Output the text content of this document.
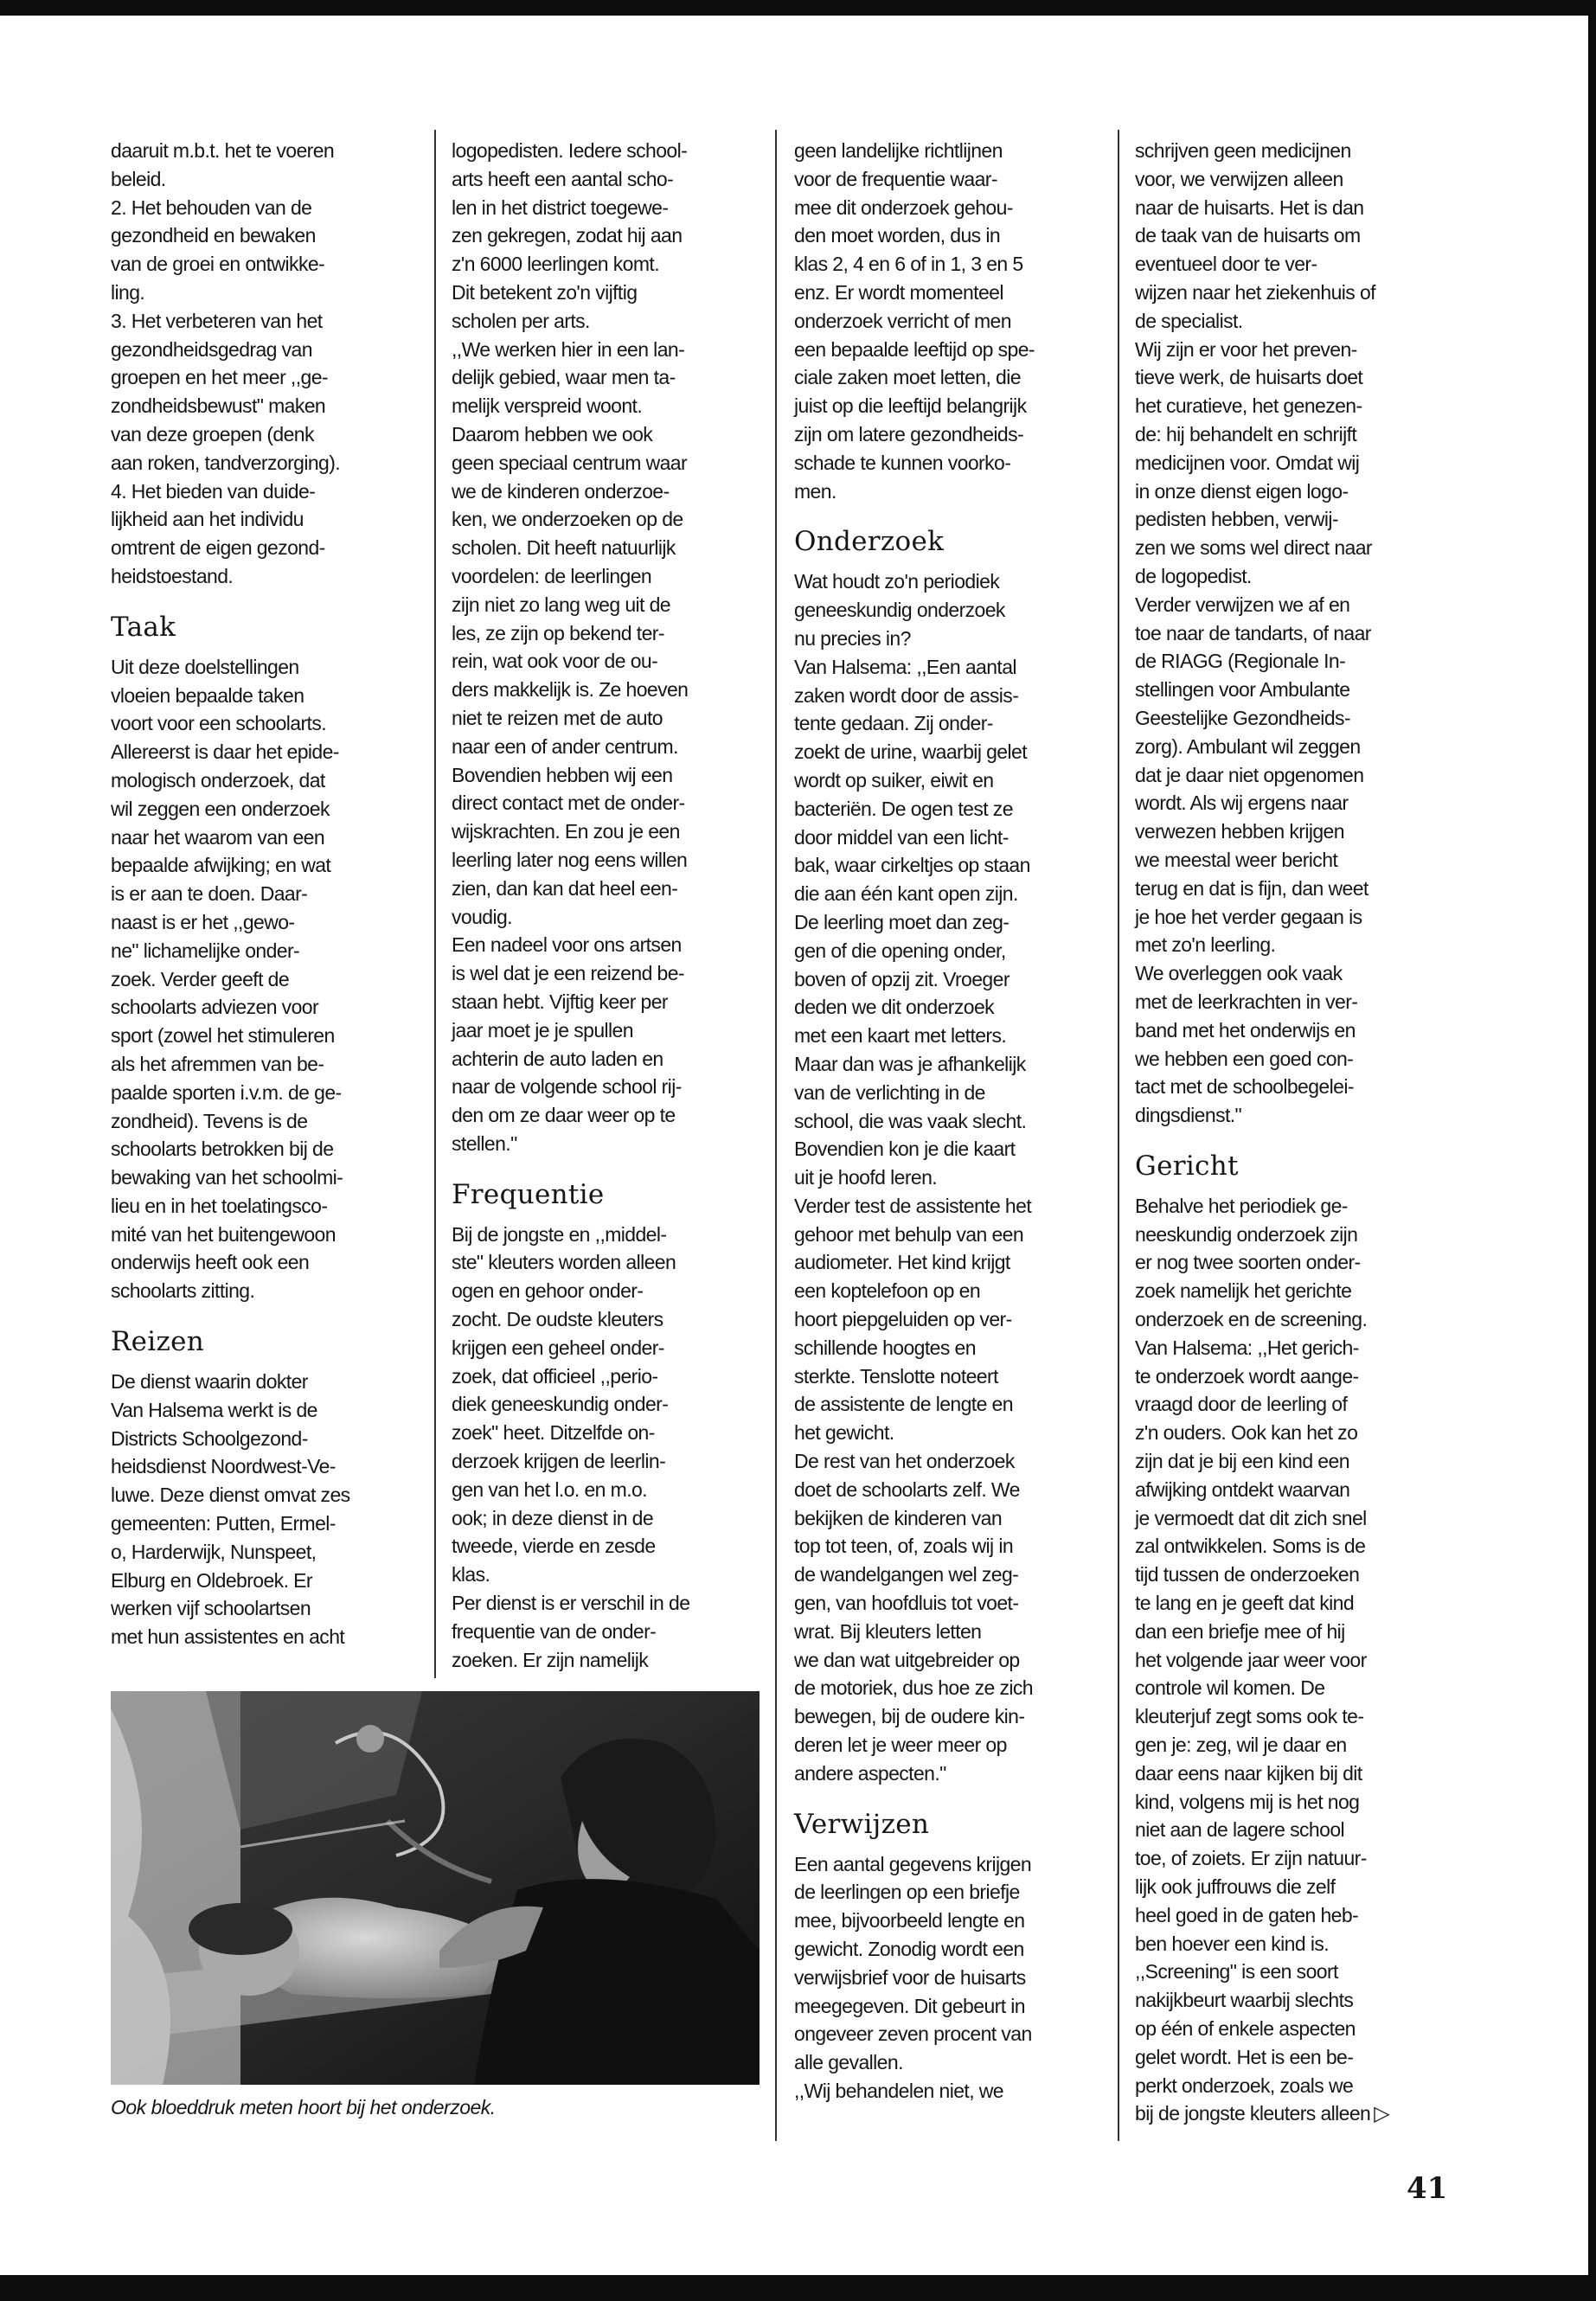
daaruit m.b.t. het te voeren
beleid.
2. Het behouden van de
gezondheid en bewaken
van de groei en ontwikke-
ling.
3. Het verbeteren van het
gezondheidsgedrag van
groepen en het meer ,,ge-
zondheidsbewust" maken
van deze groepen (denk
aan roken, tandverzorging).
4. Het bieden van duide-
lijkheid aan het individu
omtrent de eigen gezond-
heidstoestand.

Taak

Uit deze doelstellingen
vloeien bepaalde taken
voort voor een schoolarts.
Allereerst is daar het epide-
mologisch onderzoek, dat
wil zeggen een onderzoek
naar het waarom van een
bepaalde afwijking; en wat
is er aan te doen. Daar-
naast is er het ,,gewo-
ne" lichamelijke onder-
zoek. Verder geeft de
schoolarts adviezen voor
sport (zowel het stimuleren
als het afremmen van be-
paalde sporten i.v.m. de ge-
zondheid). Tevens is de
schoolarts betrokken bij de
bewaking van het schoolmi-
lieu en in het toelatingsco-
mité van het buitengewoon
onderwijs heeft ook een
schoolarts zitting.

Reizen

De dienst waarin dokter
Van Halsema werkt is de
Districts Schoolgezond-
heidsdienst Noordwest-Ve-
luwe. Deze dienst omvat zes
gemeenten: Putten, Ermel-
o, Harderwijk, Nunspeet,
Elburg en Oldebroek. Er
werken vijf schoolartsen
met hun assistentes en acht

logopedisten. Iedere school-
arts heeft een aantal scho-
len in het district toegewe-
zen gekregen, zodat hij aan
z'n 6000 leerlingen komt.
Dit betekent zo'n vijftig
scholen per arts.
,,We werken hier in een lan-
delijk gebied, waar men ta-
melijk verspreid woont.
Daarom hebben we ook
geen speciaal centrum waar
we de kinderen onderzoe-
ken, we onderzoeken op de
scholen. Dit heeft natuurlijk
voordelen: de leerlingen
zijn niet zo lang weg uit de
les, ze zijn op bekend ter-
rein, wat ook voor de ou-
ders makkelijk is. Ze hoeven
niet te reizen met de auto
naar een of ander centrum.
Bovendien hebben wij een
direct contact met de onder-
wijskrachten. En zou je een
leerling later nog eens willen
zien, dan kan dat heel een-
voudig.
Een nadeel voor ons artsen
is wel dat je een reizend be-
staan hebt. Vijftig keer per
jaar moet je je spullen
achterin de auto laden en
naar de volgende school rij-
den om ze daar weer op te
stellen."

Frequentie

Bij de jongste en ,,middel-
ste" kleuters worden alleen
ogen en gehoor onder-
zocht. De oudste kleuters
krijgen een geheel onder-
zoek, dat officieel ,,perio-
diek geneeskundig onder-
zoek" heet. Ditzelfde on-
derzoek krijgen de leerlin-
gen van het l.o. en m.o.
ook; in deze dienst in de
tweede, vierde en zesde
klas.
Per dienst is er verschil in de
frequentie van de onder-
zoeken. Er zijn namelijk

geen landelijke richtlijnen
voor de frequentie waar-
mee dit onderzoek gehou-
den moet worden, dus in
klas 2, 4 en 6 of in 1, 3 en 5
enz. Er wordt momenteel
onderzoek verricht of men
een bepaalde leeftijd op spe-
ciale zaken moet letten, die
juist op die leeftijd belangrijk
zijn om latere gezondheids-
schade te kunnen voorko-
men.

Onderzoek

Wat houdt zo'n periodiek
geneeskundig onderzoek
nu precies in?
Van Halsema: ,,Een aantal
zaken wordt door de assis-
tente gedaan. Zij onder-
zoekt de urine, waarbij gelet
wordt op suiker, eiwit en
bacteriën. De ogen test ze
door middel van een licht-
bak, waar cirkeltjes op staan
die aan één kant open zijn.
De leerling moet dan zeg-
gen of die opening onder,
boven of opzij zit. Vroeger
deden we dit onderzoek
met een kaart met letters.
Maar dan was je afhankelijk
van de verlichting in de
school, die was vaak slecht.
Bovendien kon je die kaart
uit je hoofd leren.
Verder test de assistente het
gehoor met behulp van een
audiometer. Het kind krijgt
een koptelefoon op en
hoort piepgeluiden op ver-
schillende hoogtes en
sterkte. Tenslotte noteert
de assistente de lengte en
het gewicht.
De rest van het onderzoek
doet de schoolarts zelf. We
bekijken de kinderen van
top tot teen, of, zoals wij in
de wandelgangen wel zeg-
gen, van hoofdluis tot voet-
wrat. Bij kleuters letten
we dan wat uitgebreider op
de motoriek, dus hoe ze zich
bewegen, bij de oudere kin-
deren let je weer meer op
andere aspecten."

Verwijzen

Een aantal gegevens krijgen
de leerlingen op een briefje
mee, bijvoorbeeld lengte en
gewicht. Zonodig wordt een
verwijsbrief voor de huisarts
meegegeven. Dit gebeurt in
ongeveer zeven procent van
alle gevallen.
,,Wij behandelen niet, we

schrijven geen medicijnen
voor, we verwijzen alleen
naar de huisarts. Het is dan
de taak van de huisarts om
eventueel door te ver-
wijzen naar het ziekenhuis of
de specialist.
Wij zijn er voor het preven-
tieve werk, de huisarts doet
het curatieve, het genezen-
de: hij behandelt en schrijft
medicijnen voor. Omdat wij
in onze dienst eigen logo-
pedisten hebben, verwij-
zen we soms wel direct naar
de logopedist.
Verder verwijzen we af en
toe naar de tandarts, of naar
de RIAGG (Regionale In-
stellingen voor Ambulante
Geestelijke Gezondheids-
zorg). Ambulant wil zeggen
dat je daar niet opgenomen
wordt. Als wij ergens naar
verwezen hebben krijgen
we meestal weer bericht
terug en dat is fijn, dan weet
je hoe het verder gegaan is
met zo'n leerling.
We overleggen ook vaak
met de leerkrachten in ver-
band met het onderwijs en
we hebben een goed con-
tact met de schoolbegelei-
dingsdienst."

Gericht

Behalve het periodiek ge-
neeskundig onderzoek zijn
er nog twee soorten onder-
zoek namelijk het gerichte
onderzoek en de screening.
Van Halsema: ,,Het gerich-
te onderzoek wordt aange-
vraagd door de leerling of
z'n ouders. Ook kan het zo
zijn dat je bij een kind een
afwijking ontdekt waarvan
je vermoedt dat dit zich snel
zal ontwikkelen. Soms is de
tijd tussen de onderzoeken
te lang en je geeft dat kind
dan een briefje mee of hij
het volgende jaar weer voor
controle wil komen. De
kleuterjuf zegt soms ook te-
gen je: zeg, wil je daar en
daar eens naar kijken bij dit
kind, volgens mij is het nog
niet aan de lagere school
toe, of zoiets. Er zijn natuur-
lijk ook juffrouws die zelf
heel goed in de gaten heb-
ben hoever een kind is.
,,Screening" is een soort
nakijkbeurt waarbij slechts
op één of enkele aspecten
gelet wordt. Het is een be-
perkt onderzoek, zoals we
bij de jongste kleuters alleen ▷

Ook bloeddruk meten hoort bij het onderzoek.
41
